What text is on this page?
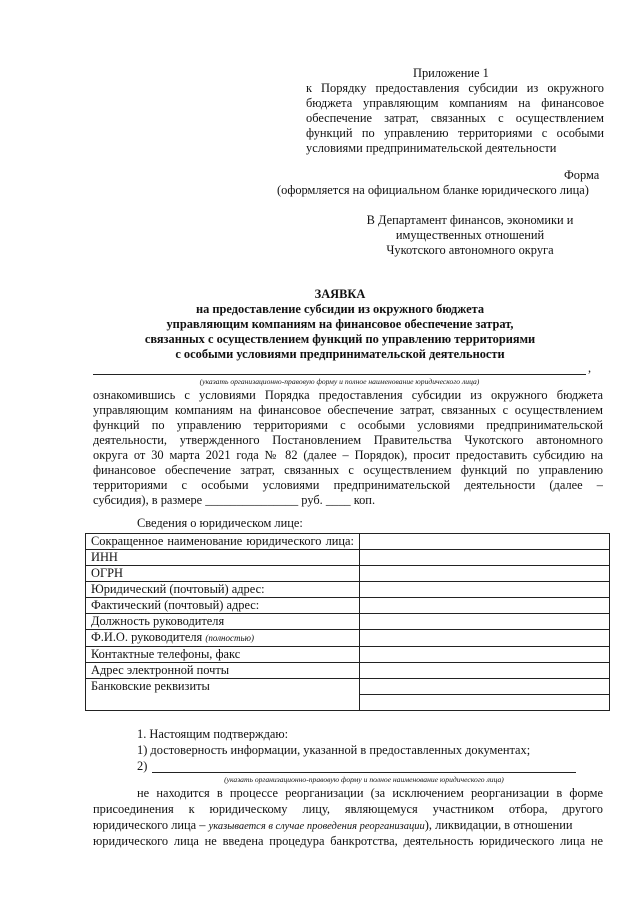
Приложение 1
к Порядку предоставления субсидии из окружного
бюджета управляющим компаниям на финансовое
обеспечение затрат, связанных с осуществлением
функций по управлению территориями с особыми
условиями предпринимательской деятельности
Форма
(оформляется на официальном бланке юридического лица)
В Департамент финансов, экономики и
имущественных отношений
Чукотского автономного округа
ЗАЯВКА
на предоставление субсидии из окружного бюджета
управляющим компаниям на финансовое обеспечение затрат,
связанных с осуществлением функций по управлению территориями
с особыми условиями предпринимательской деятельности
,
(указать организационно-правовую форму и полное наименование юридического лица)
ознакомившись с условиями Порядка предоставления субсидии из окружного бюджета
управляющим компаниям на финансовое обеспечение затрат, связанных с осуществлением
функций по управлению территориями с особыми условиями предпринимательской
деятельности, утвержденного Постановлением Правительства Чукотского автономного
округа от 30 марта 2021 года № 82 (далее – Порядок), просит предоставить субсидию на
финансовое обеспечение затрат, связанных с осуществлением функций по управлению
территориями с особыми условиями предпринимательской деятельности (далее –
субсидия), в размере _______________ руб. ____ коп.
Сведения о юридическом лице:
Сокращенное наименование юридического лица:	

ИНН	
ОГРН	
Юридический (почтовый) адрес:	
Фактический (почтовый) адрес:	
Должность руководителя	
Ф.И.О. руководителя (полностью)	
Контактные телефоны, факс	
Адрес электронной почты	
Банковские реквизиты	

1. Настоящим подтверждаю:
1) достоверность информации, указанной в предоставленных документах;
2)
(указать организационно-правовую форму и полное наименование юридического лица)
не находится в процессе реорганизации (за исключением реорганизации в форме
присоединения к юридическому лицу, являющемуся участником отбора, другого
юридического лица – указывается в случае проведения реорганизации), ликвидации, в отношении
юридического лица не введена процедура банкротства, деятельность юридического лица не
